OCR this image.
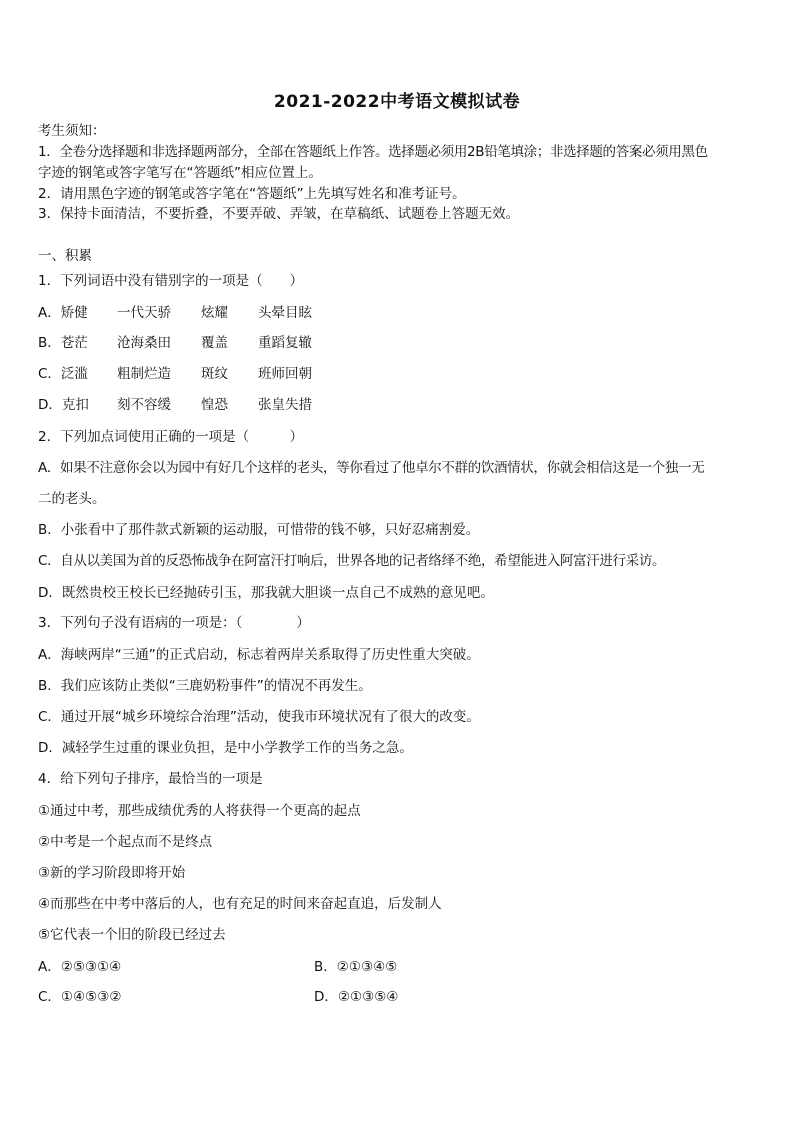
2021-2022中考语文模拟试卷
考生须知：
1．全卷分选择题和非选择题两部分，全部在答题纸上作答。选择题必须用2B铅笔填涂；非选择题的答案必须用黑色
字迹的钢笔或答字笔写在“答题纸”相应位置上。
2．请用黑色字迹的钢笔或答字笔在“答题纸”上先填写姓名和准考证号。
3．保持卡面清洁，不要折叠，不要弄破、弄皱，在草稿纸、试题卷上答题无效。
一、积累
1．下列词语中没有错别字的一项是（　　）
A．矫健 一代天骄 炫耀 头晕目眩
B．苍茫 沧海桑田 覆盖 重蹈复辙
C．泛滥 粗制烂造 斑纹 班师回朝
D．克扣 刻不容缓 惶恐 张皇失措
2．下列加点词使用正确的一项是（　　　）
A．如果不注意你会以为园中有好几个这样的老头，等你看过了他卓尔不群的饮酒情状，你就会相信这是一个独一无
二的老头。
B．小张看中了那件款式新颖的运动服，可惜带的钱不够，只好忍痛割爱。
C．自从以美国为首的反恐怖战争在阿富汗打响后，世界各地的记者络绎不绝，希望能进入阿富汗进行采访。
D．既然贵校王校长已经抛砖引玉，那我就大胆谈一点自己不成熟的意见吧。
3．下列句子没有语病的一项是：（　　　　）
A．海峡两岸“三通”的正式启动，标志着两岸关系取得了历史性重大突破。
B．我们应该防止类似“三鹿奶粉事件”的情况不再发生。
C．通过开展“城乡环境综合治理”活动，使我市环境状况有了很大的改变。
D．减轻学生过重的课业负担，是中小学教学工作的当务之急。
4．给下列句子排序，最恰当的一项是
①通过中考，那些成绩优秀的人将获得一个更高的起点
②中考是一个起点而不是终点
③新的学习阶段即将开始
④而那些在中考中落后的人，也有充足的时间来奋起直追，后发制人
⑤它代表一个旧的阶段已经过去
A．②⑤③①④	B．②①③④⑤
C．①④⑤③②	D．②①③⑤④
